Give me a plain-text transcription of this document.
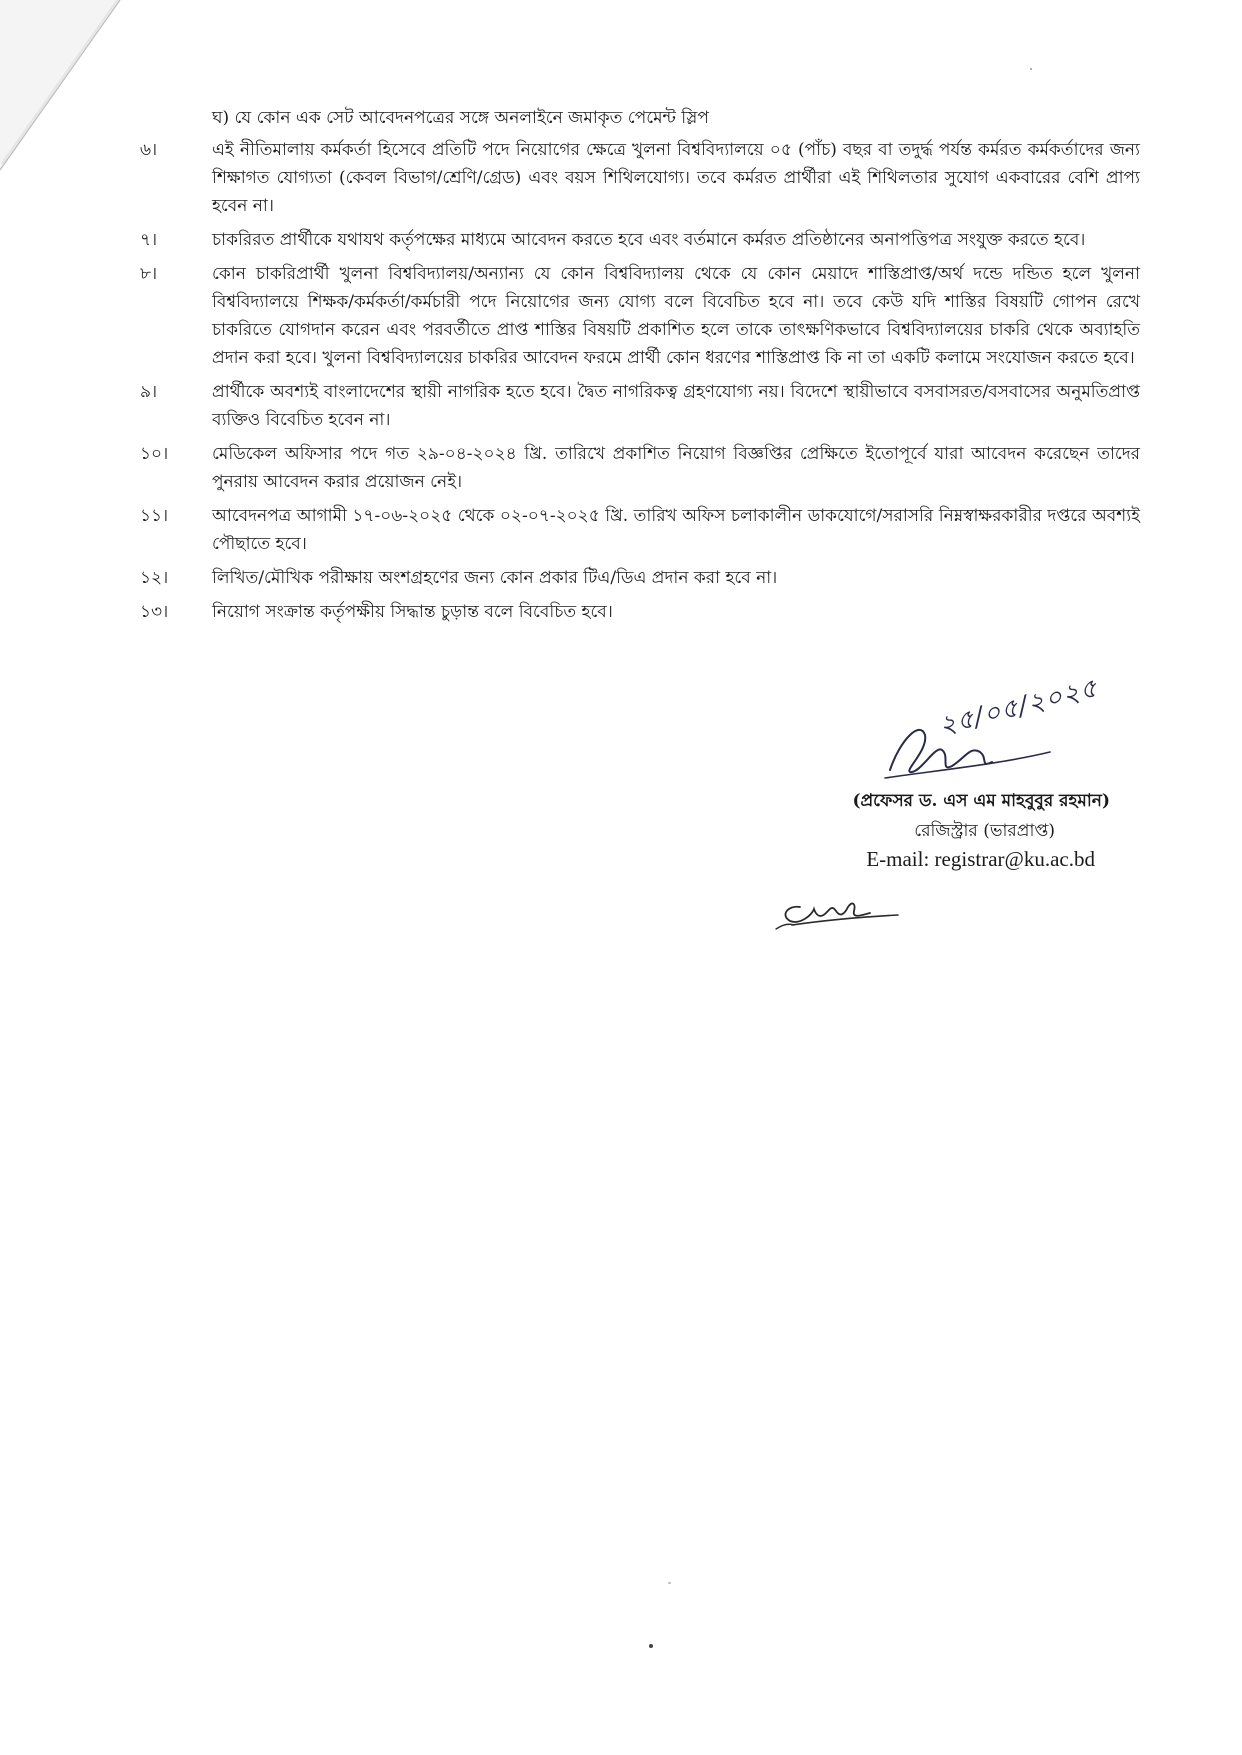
ঘ) যে কোন এক সেট আবেদনপত্রের সঙ্গে অনলাইনে জমাকৃত পেমেন্ট স্লিপ
৬।	এই নীতিমালায় কর্মকর্তা হিসেবে প্রতিটি পদে নিয়োগের ক্ষেত্রে খুলনা বিশ্ববিদ্যালয়ে ০৫ (পাঁচ) বছর বা তদুর্দ্ধ পর্যন্ত কর্মরত কর্মকর্তাদের জন্য শিক্ষাগত যোগ্যতা (কেবল বিভাগ/শ্রেণি/গ্রেড) এবং বয়স শিথিলযোগ্য। তবে কর্মরত প্রার্থীরা এই শিথিলতার সুযোগ একবারের বেশি প্রাপ্য হবেন না।
৭।	চাকরিরত প্রার্থীকে যথাযথ কর্তৃপক্ষের মাধ্যমে আবেদন করতে হবে এবং বর্তমানে কর্মরত প্রতিষ্ঠানের অনাপত্তিপত্র সংযুক্ত করতে হবে।
৮।	কোন চাকরিপ্রার্থী খুলনা বিশ্ববিদ্যালয়/অন্যান্য যে কোন বিশ্ববিদ্যালয় থেকে যে কোন মেয়াদে শাস্তিপ্রাপ্ত/অর্থ দন্ডে দন্ডিত হলে খুলনা বিশ্ববিদ্যালয়ে শিক্ষক/কর্মকর্তা/কর্মচারী পদে নিয়োগের জন্য যোগ্য বলে বিবেচিত হবে না। তবে কেউ যদি শাস্তির বিষয়টি গোপন রেখে চাকরিতে যোগদান করেন এবং পরবর্তীতে প্রাপ্ত শাস্তির বিষয়টি প্রকাশিত হলে তাকে তাৎক্ষণিকভাবে বিশ্ববিদ্যালয়ের চাকরি থেকে অব্যাহতি প্রদান করা হবে। খুলনা বিশ্ববিদ্যালয়ের চাকরির আবেদন ফরমে প্রার্থী কোন ধরণের শাস্তিপ্রাপ্ত কি না তা একটি কলামে সংযোজন করতে হবে।
৯।	প্রার্থীকে অবশ্যই বাংলাদেশের স্থায়ী নাগরিক হতে হবে। দ্বৈত নাগরিকত্ব গ্রহণযোগ্য নয়। বিদেশে স্থায়ীভাবে বসবাসরত/বসবাসের অনুমতিপ্রাপ্ত ব্যক্তিও বিবেচিত হবেন না।
১০।	মেডিকেল অফিসার পদে গত ২৯-০৪-২০২৪ খ্রি. তারিখে প্রকাশিত নিয়োগ বিজ্ঞপ্তির প্রেক্ষিতে ইতোপূর্বে যারা আবেদন করেছেন তাদের পুনরায় আবেদন করার প্রয়োজন নেই।
১১।	আবেদনপত্র আগামী ১৭-০৬-২০২৫ থেকে ০২-০৭-২০২৫ খ্রি. তারিখ অফিস চলাকালীন ডাকযোগে/সরাসরি নিম্নস্বাক্ষরকারীর দপ্তরে অবশ্যই পৌছাতে হবে।
১২।	লিখিত/মৌখিক পরীক্ষায় অংশগ্রহণের জন্য কোন প্রকার টিএ/ডিএ প্রদান করা হবে না।
১৩।	নিয়োগ সংক্রান্ত কর্তৃপক্ষীয় সিদ্ধান্ত চুড়ান্ত বলে বিবেচিত হবে।
২৫/০৫/২০২৫
(প্রফেসর ড. এস এম মাহবুবুর রহমান)
রেজিস্ট্রার (ভারপ্রাপ্ত)
E-mail: registrar@ku.ac.bd
